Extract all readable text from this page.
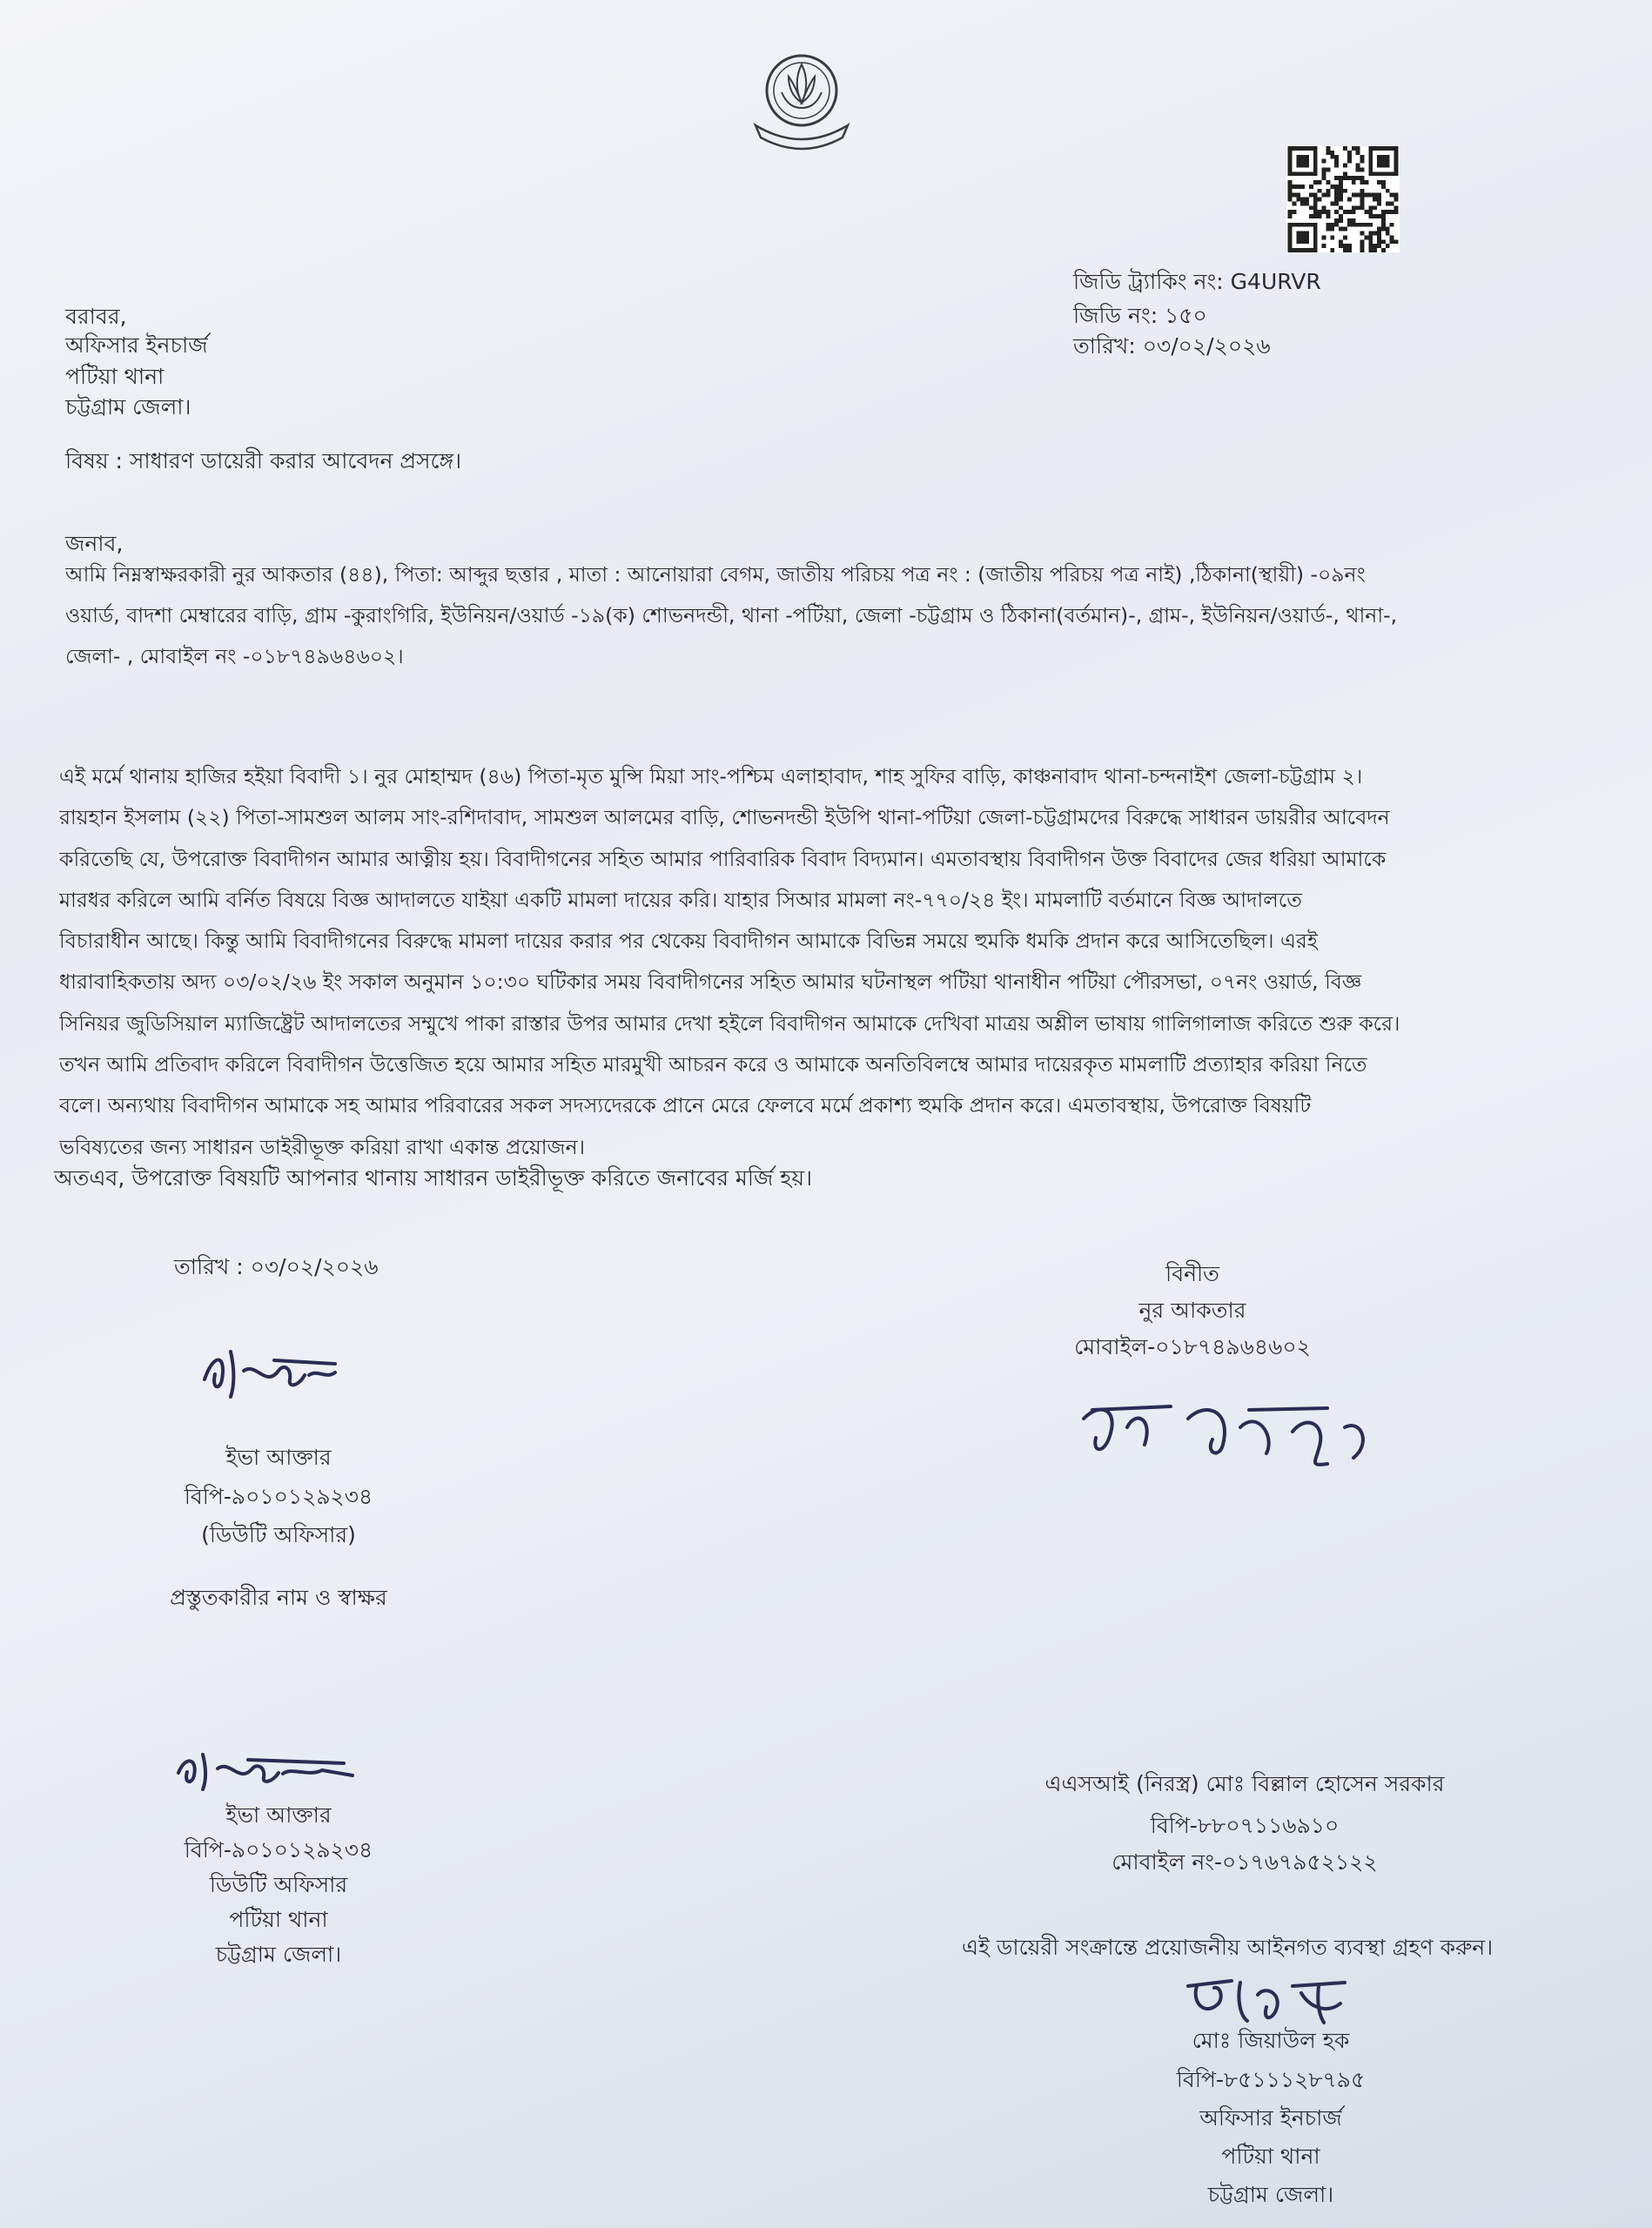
জিডি ট্র্যাকিং নং: G4URVR
জিডি নং: ১৫০
তারিখ: ০৩/০২/২০২৬
বরাবর,
অফিসার ইনচার্জ
পটিয়া থানা
চট্টগ্রাম জেলা।
বিষয় : সাধারণ ডায়েরী করার আবেদন প্রসঙ্গে।
জনাব,
আমি নিম্নস্বাক্ষরকারী নুর আকতার (৪৪), পিতা: আব্দুর ছত্তার , মাতা : আনোয়ারা বেগম, জাতীয় পরিচয় পত্র নং : (জাতীয় পরিচয় পত্র নাই) ,ঠিকানা(স্থায়ী) -০৯নং
ওয়ার্ড, বাদশা মেম্বারের বাড়ি, গ্রাম -কুরাংগিরি, ইউনিয়ন/ওয়ার্ড -১৯(ক) শোভনদন্ডী, থানা -পটিয়া, জেলা -চট্টগ্রাম ও ঠিকানা(বর্তমান)-, গ্রাম-, ইউনিয়ন/ওয়ার্ড-, থানা-,
জেলা- , মোবাইল নং -০১৮৭৪৯৬৪৬০২।
এই মর্মে থানায় হাজির হইয়া বিবাদী ১। নুর মোহাম্মদ (৪৬) পিতা-মৃত মুন্সি মিয়া সাং-পশ্চিম এলাহাবাদ, শাহ সুফির বাড়ি, কাঞ্চনাবাদ থানা-চন্দনাইশ জেলা-চট্টগ্রাম ২।
রায়হান ইসলাম (২২) পিতা-সামশুল আলম সাং-রশিদাবাদ, সামশুল আলমের বাড়ি, শোভনদন্ডী ইউপি থানা-পটিয়া জেলা-চট্টগ্রামদের বিরুদ্ধে সাধারন ডায়রীর আবেদন
করিতেছি যে, উপরোক্ত বিবাদীগন আমার আত্নীয় হয়। বিবাদীগনের সহিত আমার পারিবারিক বিবাদ বিদ্যমান। এমতাবস্থায় বিবাদীগন উক্ত বিবাদের জের ধরিয়া আমাকে
মারধর করিলে আমি বর্নিত বিষয়ে বিজ্ঞ আদালতে যাইয়া একটি মামলা দায়ের করি। যাহার সিআর মামলা নং-৭৭০/২৪ ইং। মামলাটি বর্তমানে বিজ্ঞ আদালতে
বিচারাধীন আছে। কিন্তু আমি বিবাদীগনের বিরুদ্ধে মামলা দায়ের করার পর থেকেয় বিবাদীগন আমাকে বিভিন্ন সময়ে হুমকি ধমকি প্রদান করে আসিতেছিল। এরই
ধারাবাহিকতায় অদ্য ০৩/০২/২৬ ইং সকাল অনুমান ১০:৩০ ঘটিকার সময় বিবাদীগনের সহিত আমার ঘটনাস্থল পটিয়া থানাধীন পটিয়া পৌরসভা, ০৭নং ওয়ার্ড, বিজ্ঞ
সিনিয়র জুডিসিয়াল ম্যাজিষ্ট্রেট আদালতের সম্মুখে পাকা রাস্তার উপর আমার দেখা হইলে বিবাদীগন আমাকে দেখিবা মাত্রয় অশ্লীল ভাষায় গালিগালাজ করিতে শুরু করে।
তখন আমি প্রতিবাদ করিলে বিবাদীগন উত্তেজিত হয়ে আমার সহিত মারমুখী আচরন করে ও আমাকে অনতিবিলম্বে আমার দায়েরকৃত মামলাটি প্রত্যাহার করিয়া নিতে
বলে। অন্যথায় বিবাদীগন আমাকে সহ আমার পরিবারের সকল সদস্যদেরকে প্রানে মেরে ফেলবে মর্মে প্রকাশ্য হুমকি প্রদান করে। এমতাবস্থায়, উপরোক্ত বিষয়টি
ভবিষ্যতের জন্য সাধারন ডাইরীভূক্ত করিয়া রাখা একান্ত প্রয়োজন।
অতএব, উপরোক্ত বিষয়টি আপনার থানায় সাধারন ডাইরীভূক্ত করিতে জনাবের মর্জি হয়।
তারিখ : ০৩/০২/২০২৬	বিনীত
নুর আকতার
মোবাইল-০১৮৭৪৯৬৪৬০২
ইভা আক্তার
বিপি-৯০১০১২৯২৩৪
(ডিউটি অফিসার)
প্রস্তুতকারীর নাম ও স্বাক্ষর
ইভা আক্তার
বিপি-৯০১০১২৯২৩৪
ডিউটি অফিসার
পটিয়া থানা
চট্টগ্রাম জেলা।
এএসআই (নিরস্ত্র) মোঃ বিল্লাল হোসেন সরকার
বিপি-৮৮০৭১১৬৯১০
মোবাইল নং-০১৭৬৭৯৫২১২২
এই ডায়েরী সংক্রান্তে প্রয়োজনীয় আইনগত ব্যবস্থা গ্রহণ করুন।
মোঃ জিয়াউল হক
বিপি-৮৫১১১২৮৭৯৫
অফিসার ইনচার্জ
পটিয়া থানা
চট্টগ্রাম জেলা।
